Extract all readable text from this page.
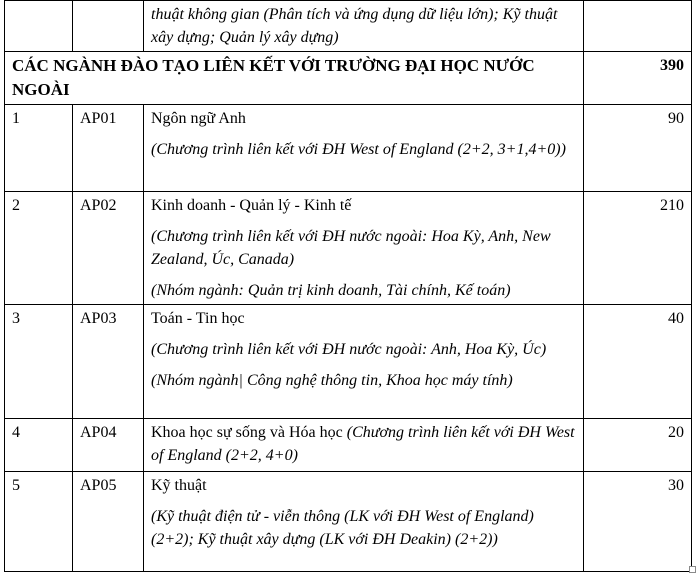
		thuật không gian (Phân tích và ứng dụng dữ liệu lớn); Kỹ thuật xây dựng; Quản lý xây dựng)	

CÁC NGÀNH ĐÀO TẠO LIÊN KẾT VỚI TRƯỜNG ĐẠI HỌC NƯỚC NGOÀI			390
1	AP01	Ngôn ngữ Anh

(Chương trình liên kết với ĐH West of England (2+2, 3+1,4+0))	90
2	AP02	Kinh doanh - Quản lý - Kinh tế

(Chương trình liên kết với ĐH nước ngoài: Hoa Kỳ, Anh, New Zealand, Úc, Canada)

(Nhóm ngành: Quản trị kinh doanh, Tài chính, Kế toán)	210
3	AP03	Toán - Tin học

(Chương trình liên kết với ĐH nước ngoài: Anh, Hoa Kỳ, Úc)

(Nhóm ngành| Công nghệ thông tin, Khoa học máy tính)	40
4	AP04	Khoa học sự sống và Hóa học (Chương trình liên kết với ĐH West of England (2+2, 4+0)	20
5	AP05	Kỹ thuật

(Kỹ thuật điện tử - viễn thông (LK với ĐH West of England) (2+2); Kỹ thuật xây dựng (LK với ĐH Deakin) (2+2))	30
